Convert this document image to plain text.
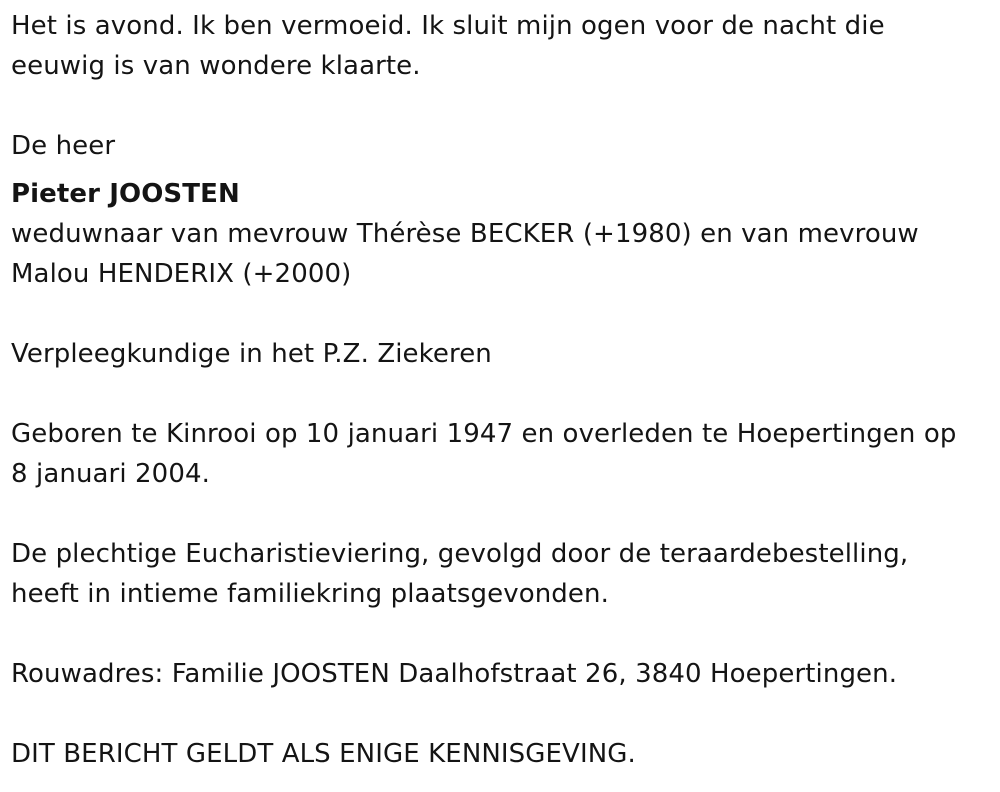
Het is avond. Ik ben vermoeid. Ik sluit mijn ogen voor de nacht die
eeuwig is van wondere klaarte.
De heer
Pieter JOOSTEN
weduwnaar van mevrouw Thérèse BECKER (+1980) en van mevrouw
Malou HENDERIX (+2000)
Verpleegkundige in het P.Z. Ziekeren
Geboren te Kinrooi op 10 januari 1947 en overleden te Hoepertingen op
8 januari 2004.
De plechtige Eucharistieviering, gevolgd door de teraardebestelling,
heeft in intieme familiekring plaatsgevonden.
Rouwadres: Familie JOOSTEN Daalhofstraat 26, 3840 Hoepertingen.
DIT BERICHT GELDT ALS ENIGE KENNISGEVING.
